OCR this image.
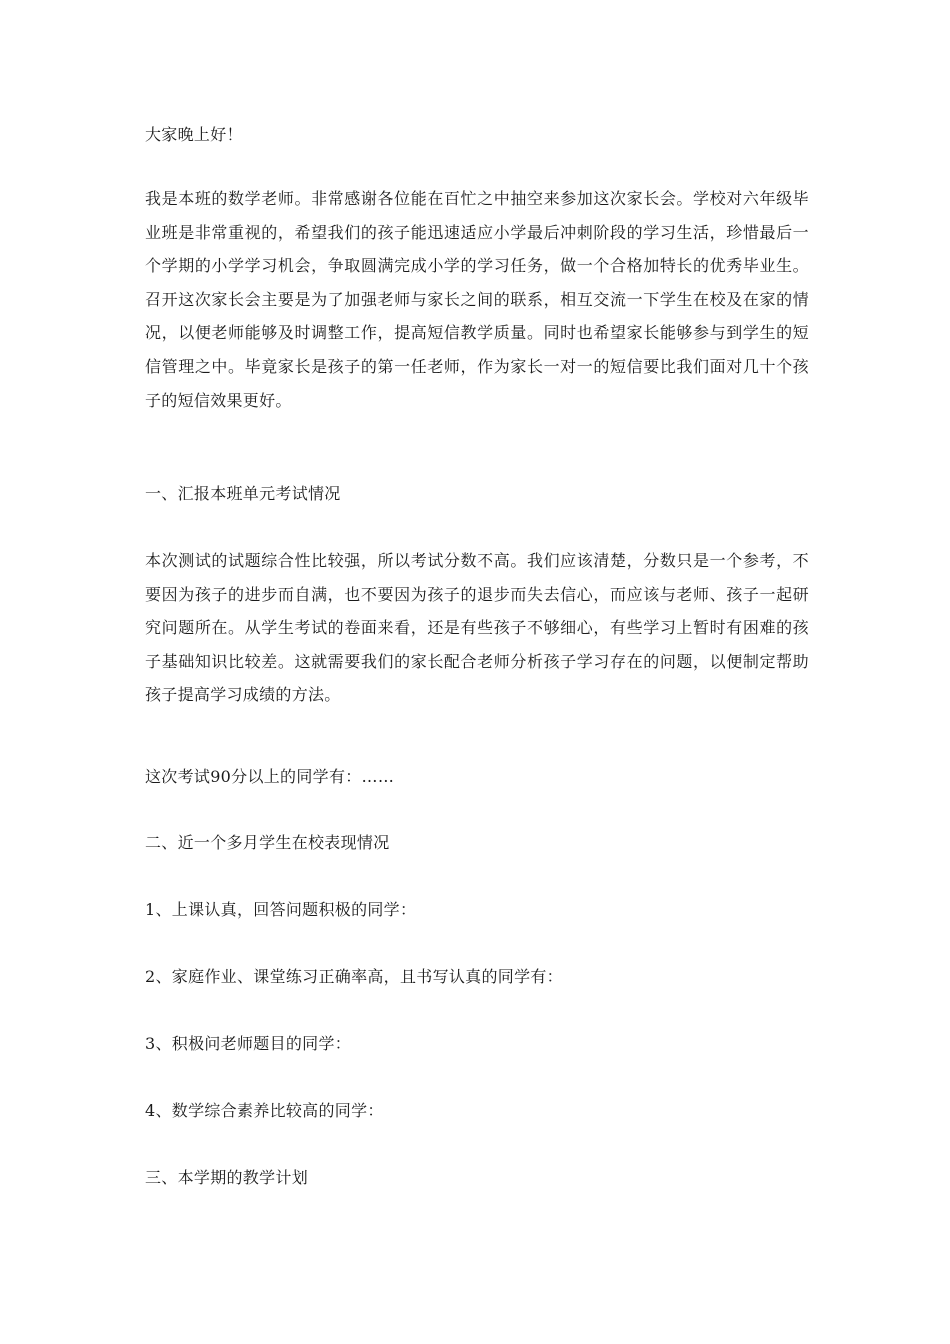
大家晚上好！

我是本班的数学老师。非常感谢各位能在百忙之中抽空来参加这次家长会。学校对六年级毕业班是非常重视的，希望我们的孩子能迅速适应小学最后冲刺阶段的学习生活，珍惜最后一个学期的小学学习机会，争取圆满完成小学的学习任务，做一个合格加特长的优秀毕业生。召开这次家长会主要是为了加强老师与家长之间的联系，相互交流一下学生在校及在家的情况，以便老师能够及时调整工作，提高短信教学质量。同时也希望家长能够参与到学生的短信管理之中。毕竟家长是孩子的第一任老师，作为家长一对一的短信要比我们面对几十个孩子的短信效果更好。

一、汇报本班单元考试情况

本次测试的试题综合性比较强，所以考试分数不高。我们应该清楚，分数只是一个参考，不要因为孩子的进步而自满，也不要因为孩子的退步而失去信心，而应该与老师、孩子一起研究问题所在。从学生考试的卷面来看，还是有些孩子不够细心，有些学习上暂时有困难的孩子基础知识比较差。这就需要我们的家长配合老师分析孩子学习存在的问题，以便制定帮助孩子提高学习成绩的方法。

这次考试90分以上的同学有：……

二、近一个多月学生在校表现情况

1、上课认真，回答问题积极的同学：

2、家庭作业、课堂练习正确率高，且书写认真的同学有：

3、积极问老师题目的同学：

4、数学综合素养比较高的同学：

三、本学期的教学计划
